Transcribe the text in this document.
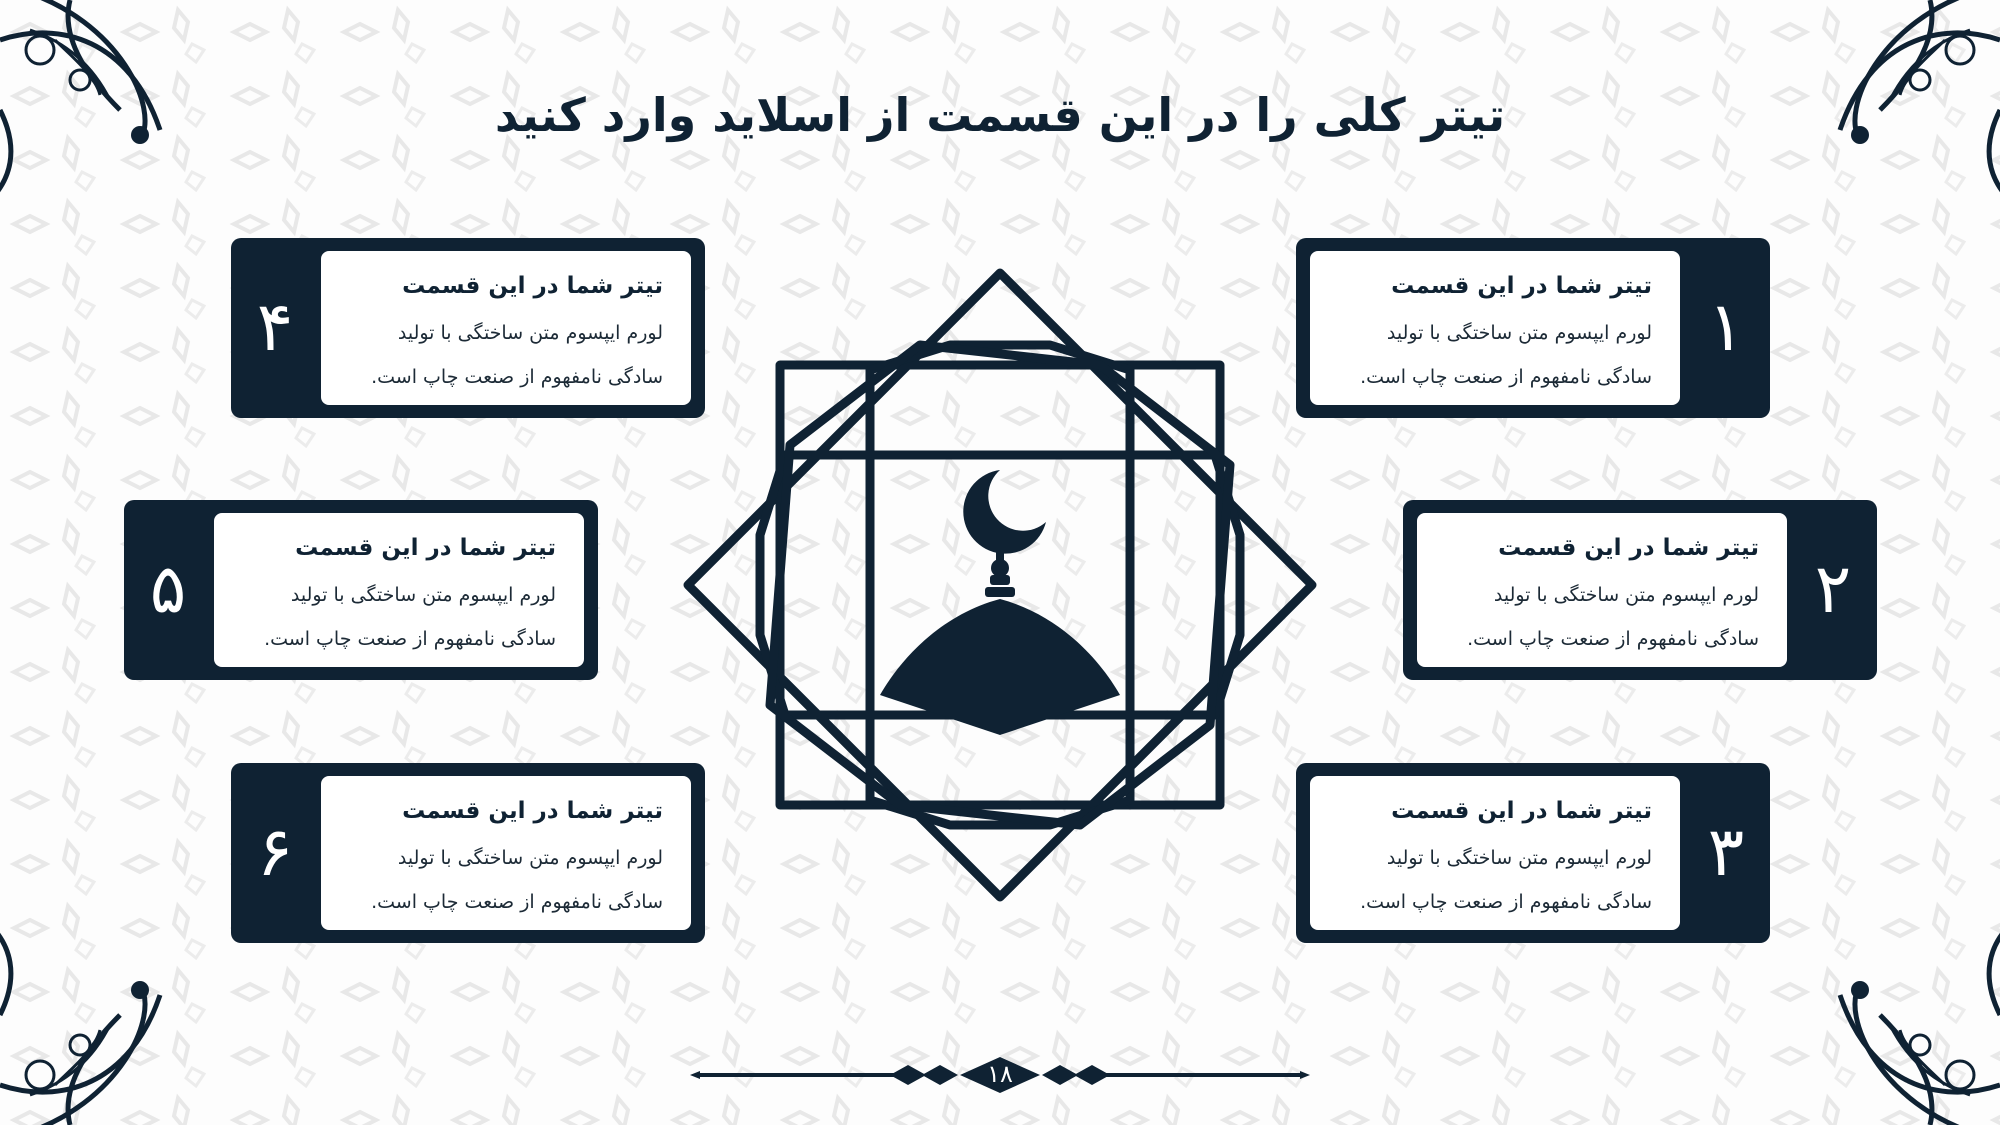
تیتر کلی را در این قسمت از اسلاید وارد کنید
تیتر شما در این قسمت
لورم ایپسوم متن ساختگی با تولید سادگی نامفهوم از صنعت چاپ است.
۱
تیتر شما در این قسمت
لورم ایپسوم متن ساختگی با تولید سادگی نامفهوم از صنعت چاپ است.
۲
تیتر شما در این قسمت
لورم ایپسوم متن ساختگی با تولید سادگی نامفهوم از صنعت چاپ است.
۳
۴
تیتر شما در این قسمت
لورم ایپسوم متن ساختگی با تولید سادگی نامفهوم از صنعت چاپ است.
۵
تیتر شما در این قسمت
لورم ایپسوم متن ساختگی با تولید سادگی نامفهوم از صنعت چاپ است.
۶
تیتر شما در این قسمت
لورم ایپسوم متن ساختگی با تولید سادگی نامفهوم از صنعت چاپ است.
۱۸
